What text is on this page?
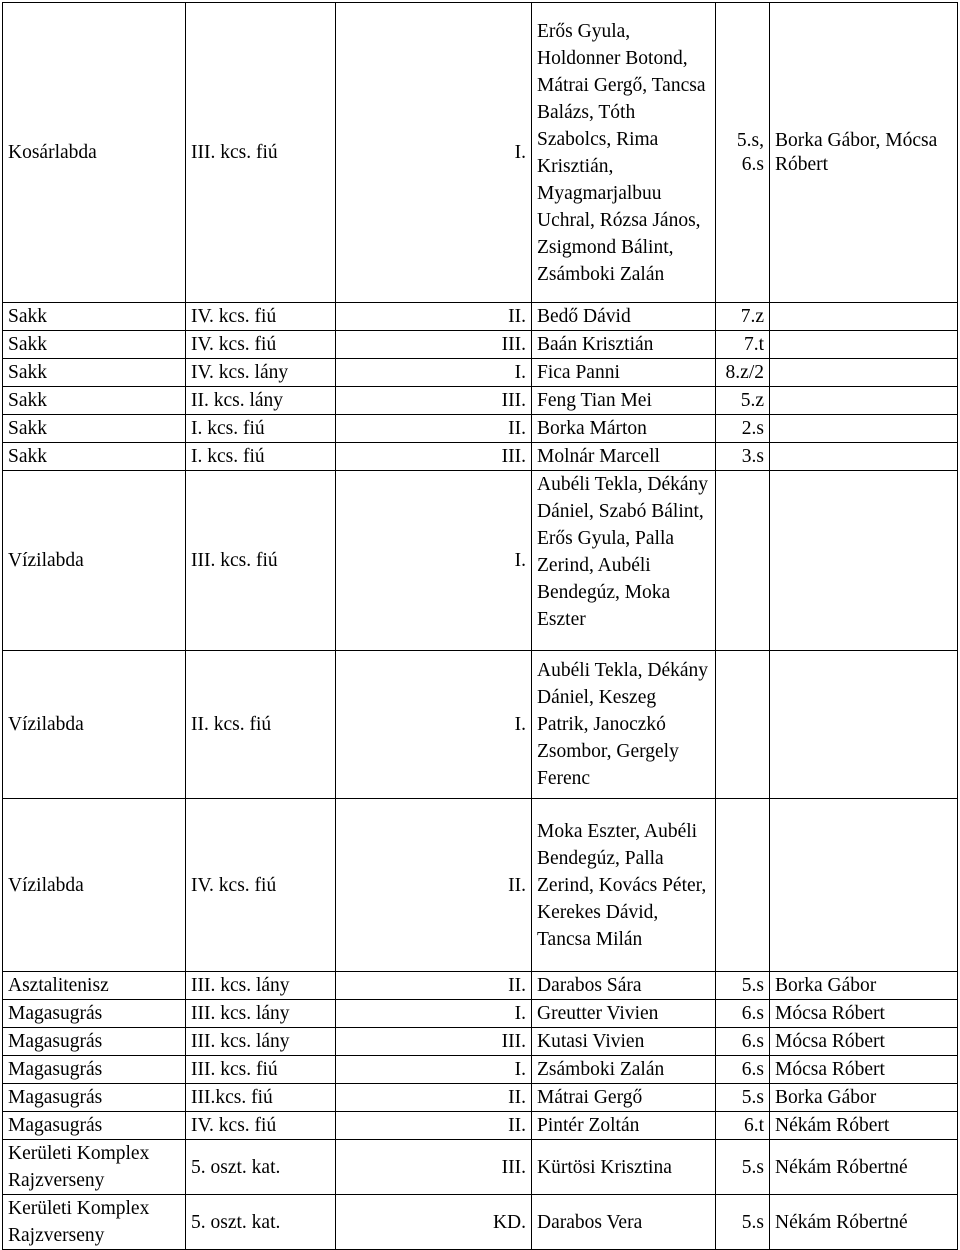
Kosárlabda	III. kcs. fiú	I.	Erős Gyula, Holdonner Botond, Mátrai Gergő, Tancsa Balázs, Tóth Szabolcs, Rima Krisztián, Myagmarjalbuu Uchral, Rózsa János, Zsigmond Bálint, Zsámboki Zalán	5.s, 6.s	Borka Gábor, Mócsa Róbert
Sakk	IV. kcs. fiú	II.	Bedő Dávid	7.z	
Sakk	IV. kcs. fiú	III.	Baán Krisztián	7.t	
Sakk	IV. kcs. lány	I.	Fica Panni	8.z/2	
Sakk	II. kcs. lány	III.	Feng Tian Mei	5.z	
Sakk	I. kcs. fiú	II.	Borka Márton	2.s	
Sakk	I. kcs. fiú	III.	Molnár Marcell	3.s	
Vízilabda	III. kcs. fiú	I.	Aubéli Tekla, Dékány Dániel, Szabó Bálint, Erős Gyula, Palla Zerind, Aubéli Bendegúz, Moka Eszter		

Vízilabda	II. kcs. fiú	I.	Aubéli Tekla, Dékány Dániel, Keszeg Patrik, Janoczkó Zsombor, Gergely Ferenc		
Vízilabda	IV. kcs. fiú	II.	Moka Eszter, Aubéli Bendegúz, Palla Zerind, Kovács Péter, Kerekes Dávid, Tancsa Milán		
Asztalitenisz	III. kcs. lány	II.	Darabos Sára	5.s	Borka Gábor
Magasugrás	III. kcs. lány	I.	Greutter Vivien	6.s	Mócsa Róbert
Magasugrás	III. kcs. lány	III.	Kutasi Vivien	6.s	Mócsa Róbert
Magasugrás	III. kcs. fiú	I.	Zsámboki Zalán	6.s	Mócsa Róbert
Magasugrás	III.kcs. fiú	II.	Mátrai Gergő	5.s	Borka Gábor
Magasugrás	IV. kcs. fiú	II.	Pintér Zoltán	6.t	Nékám Róbert
Kerületi Komplex Rajzverseny	5. oszt. kat.	III.	Kürtösi Krisztina	5.s	Nékám Róbertné
Kerületi Komplex Rajzverseny	5. oszt. kat.	KD.	Darabos Vera	5.s	Nékám Róbertné
